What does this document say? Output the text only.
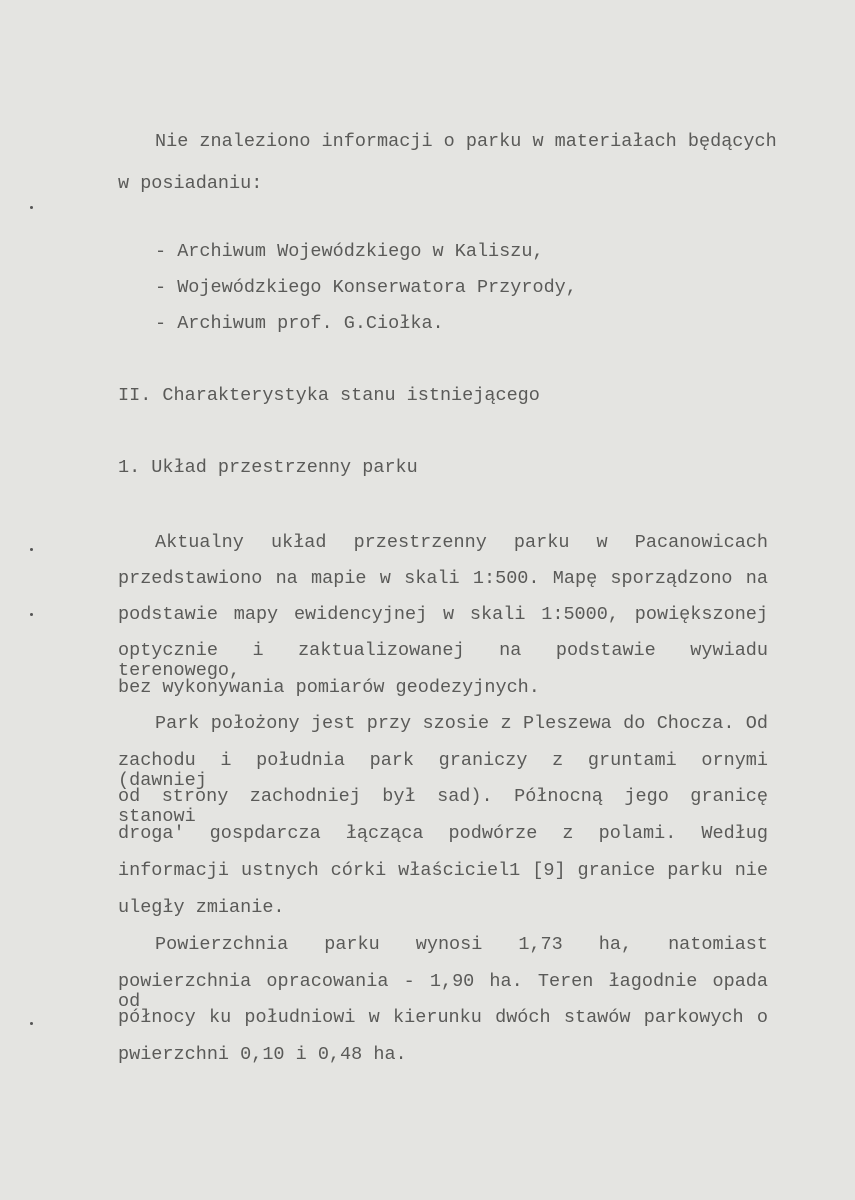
Nie znaleziono informacji o parku w materiałach będących
w posiadaniu:
- Archiwum Wojewódzkiego w Kaliszu,
- Wojewódzkiego Konserwatora Przyrody,
- Archiwum prof. G.Ciołka.
II. Charakterystyka stanu istniejącego
1. Układ przestrzenny parku
Aktualny układ przestrzenny parku w Pacanowicach
przedstawiono na mapie w skali 1:500. Mapę sporządzono na
podstawie mapy ewidencyjnej w skali 1:5000, powiększonej
optycznie i zaktualizowanej na podstawie wywiadu terenowego,
bez wykonywania pomiarów geodezyjnych.
Park położony jest przy szosie z Pleszewa do Chocza. Od
zachodu i południa park graniczy z gruntami ornymi (dawniej
od strony zachodniej był sad). Północną jego granicę stanowi
droga' gospdarcza łącząca podwórze z polami. Według
informacji ustnych córki właściciel1 [9] granice parku nie
uległy zmianie.
Powierzchnia parku wynosi 1,73 ha, natomiast
powierzchnia opracowania - 1,90 ha. Teren łagodnie opada od
północy ku południowi w kierunku dwóch stawów parkowych o
pwierzchni 0,10 i 0,48 ha.
